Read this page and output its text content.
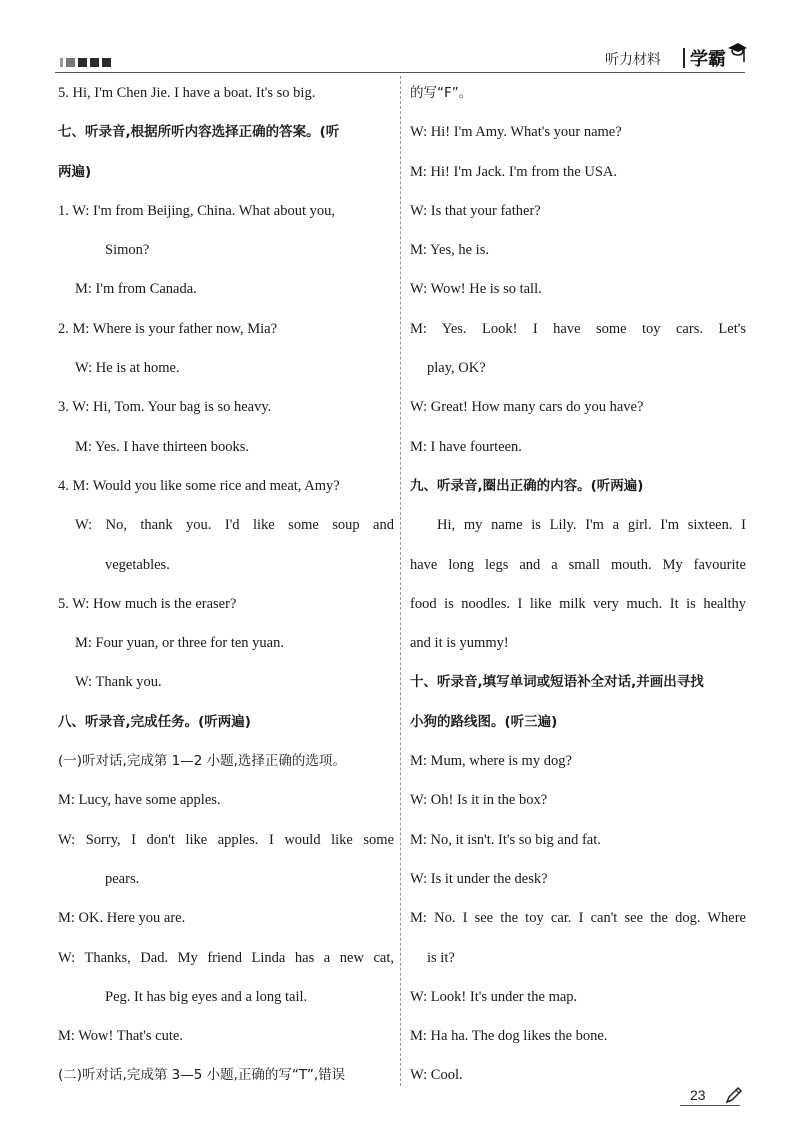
听力材料 学霸
5. Hi, I'm Chen Jie. I have a boat. It's so big.
七、听录音,根据所听内容选择正确的答案。(听
两遍)
1. W: I'm from Beijing, China. What about you,
Simon?
M: I'm from Canada.
2. M: Where is your father now, Mia?
W: He is at home.
3. W: Hi, Tom. Your bag is so heavy.
M: Yes. I have thirteen books.
4. M: Would you like some rice and meat, Amy?
W: No, thank you. I'd like some soup and
vegetables.
5. W: How much is the eraser?
M: Four yuan, or three for ten yuan.
W: Thank you.
八、听录音,完成任务。(听两遍)
(一)听对话,完成第 1—2 小题,选择正确的选项。
M: Lucy, have some apples.
W: Sorry, I don't like apples. I would like some
pears.
M: OK. Here you are.
W: Thanks, Dad. My friend Linda has a new cat,
Peg. It has big eyes and a long tail.
M: Wow! That's cute.
(二)听对话,完成第 3—5 小题,正确的写“T”,错误
的写“F”。
W: Hi! I'm Amy. What's your name?
M: Hi! I'm Jack. I'm from the USA.
W: Is that your father?
M: Yes, he is.
W: Wow! He is so tall.
M: Yes. Look! I have some toy cars. Let's
play, OK?
W: Great! How many cars do you have?
M: I have fourteen.
九、听录音,圈出正确的内容。(听两遍)
Hi, my name is Lily. I'm a girl. I'm sixteen. I
have long legs and a small mouth. My favourite
food is noodles. I like milk very much. It is healthy
and it is yummy!
十、听录音,填写单词或短语补全对话,并画出寻找
小狗的路线图。(听三遍)
M: Mum, where is my dog?
W: Oh! Is it in the box?
M: No, it isn't. It's so big and fat.
W: Is it under the desk?
M: No. I see the toy car. I can't see the dog. Where
is it?
W: Look! It's under the map.
M: Ha ha. The dog likes the bone.
W: Cool.
23
